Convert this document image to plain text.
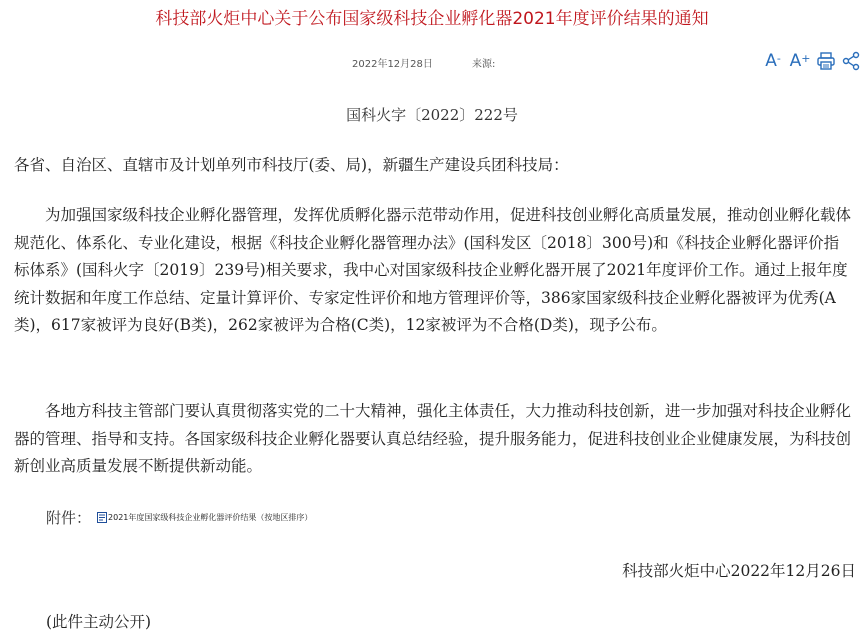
科技部火炬中心关于公布国家级科技企业孵化器2021年度评价结果的通知
2022年12月28日	来源:	A- A+
国科火字〔2022〕222号

各省、自治区、直辖市及计划单列市科技厅(委、局)，新疆生产建设兵团科技局：

为加强国家级科技企业孵化器管理，发挥优质孵化器示范带动作用，促进科技创业孵化高质量发展，推动创业孵化载体规范化、体系化、专业化建设，根据《科技企业孵化器管理办法》(国科发区〔2018〕300号)和《科技企业孵化器评价指标体系》(国科火字〔2019〕239号)相关要求，我中心对国家级科技企业孵化器开展了2021年度评价工作。通过上报年度统计数据和年度工作总结、定量计算评价、专家定性评价和地方管理评价等，386家国家级科技企业孵化器被评为优秀(A类)，617家被评为良好(B类)，262家被评为合格(C类)，12家被评为不合格(D类)，现予公布。

各地方科技主管部门要认真贯彻落实党的二十大精神，强化主体责任，大力推动科技创新，进一步加强对科技企业孵化器的管理、指导和支持。各国家级科技企业孵化器要认真总结经验，提升服务能力，促进科技创业企业健康发展，为科技创新创业高质量发展不断提供新动能。

附件： 2021年度国家级科技企业孵化器评价结果（按地区排序）
科技部火炬中心2022年12月26日
(此件主动公开)
